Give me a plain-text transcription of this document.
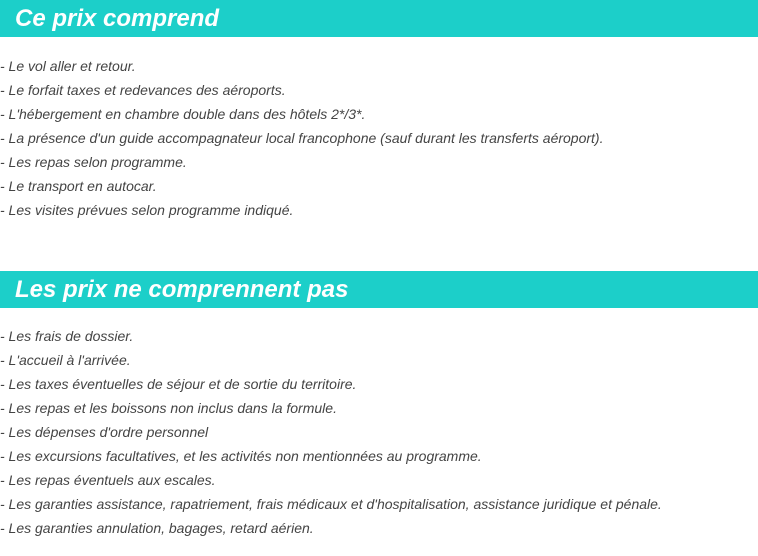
Ce prix comprend
- Le vol aller et retour.
- Le forfait taxes et redevances des aéroports.
- L'hébergement en chambre double dans des hôtels 2*/3*.
- La présence d'un guide accompagnateur local francophone (sauf durant les transferts aéroport).
- Les repas selon programme.
- Le transport en autocar.
- Les visites prévues selon programme indiqué.
Les prix ne comprennent pas
- Les frais de dossier.
- L'accueil à l'arrivée.
- Les taxes éventuelles de séjour et de sortie du territoire.
- Les repas et les boissons non inclus dans la formule.
- Les dépenses d'ordre personnel
- Les excursions facultatives, et les activités non mentionnées au programme.
- Les repas éventuels aux escales.
- Les garanties assistance, rapatriement, frais médicaux et d'hospitalisation, assistance juridique et pénale.
- Les garanties annulation, bagages, retard aérien.
